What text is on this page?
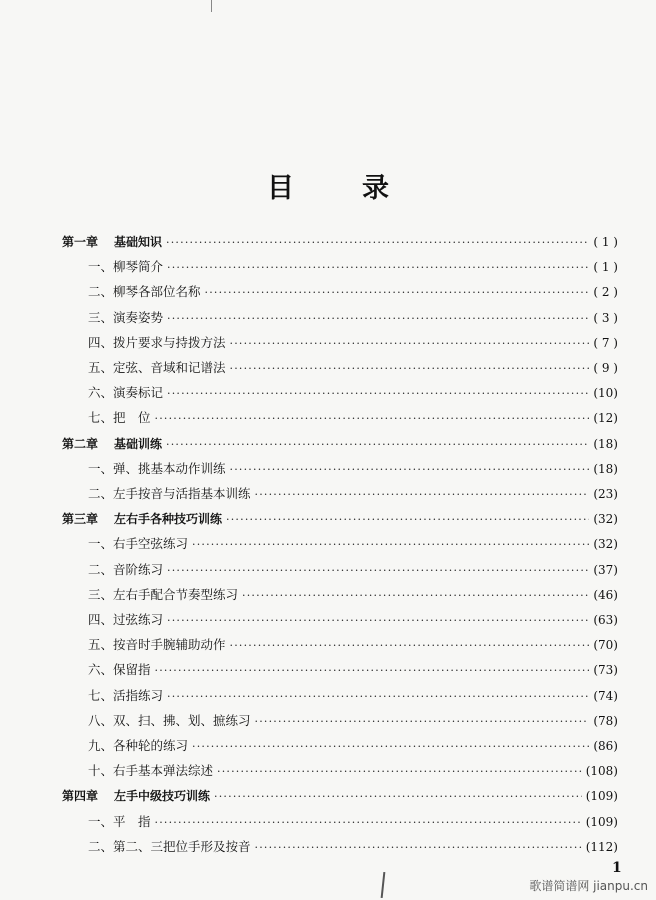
目	录
第一章 基础知识 ·····	( 1 )
一、柳琴简介 ·····	( 1 )
二、柳琴各部位名称 ·····	( 2 )
三、演奏姿势 ·····	( 3 )
四、拨片要求与持拨方法 ·····	( 7 )
五、定弦、音域和记谱法 ·····	( 9 )
六、演奏标记 ·····	(10)
七、把　位 ·····	(12)
第二章 基础训练 ·····	(18)
一、弹、挑基本动作训练 ·····	(18)
二、左手按音与活指基本训练 ·····	(23)
第三章 左右手各种技巧训练 ·····	(32)
一、右手空弦练习 ·····	(32)
二、音阶练习 ·····	(37)
三、左右手配合节奏型练习 ·····	(46)
四、过弦练习 ·····	(63)
五、按音时手腕辅助动作 ·····	(70)
六、保留指 ·····	(73)
七、活指练习 ·····	(74)
八、双、扫、拂、划、摭练习 ·····	(78)
九、各种轮的练习 ·····	(86)
十、右手基本弹法综述 ·····	(108)
第四章 左手中级技巧训练 ·····	(109)
一、平　指 ·····	(109)
二、第二、三把位手形及按音 ·····	(112)
1
歌谱简谱网 jianpu.cn
